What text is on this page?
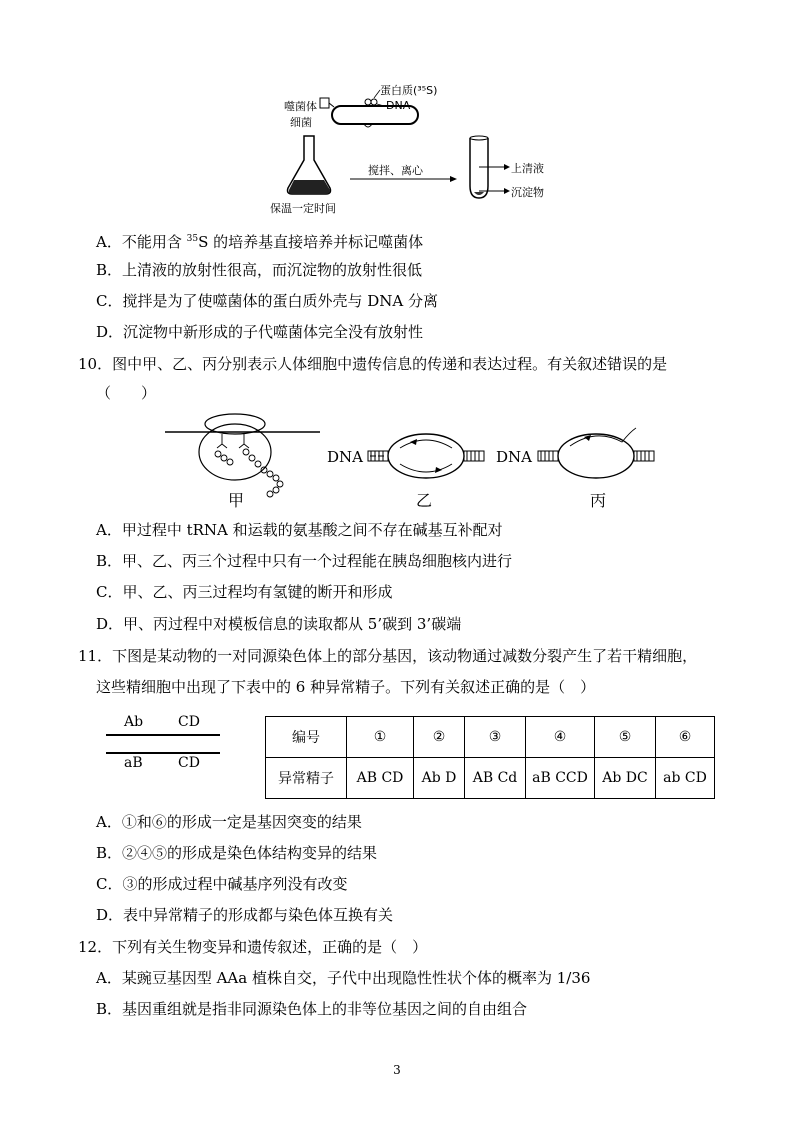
蛋白质(³⁵S)
DNA
噬菌体
细菌
保温一定时间
搅拌、离心	上清液
沉淀物
A．不能用含 $^{35}$S 的培养基直接培养并标记噬菌体
B．上清液的放射性很高，而沉淀物的放射性很低
C．搅拌是为了使噬菌体的蛋白质外壳与 DNA 分离
D．沉淀物中新形成的子代噬菌体完全没有放射性
10．图中甲、乙、丙分别表示人体细胞中遗传信息的传递和表达过程。有关叙述错误的是
（　　）
DNA	DNA
甲	乙	丙
A．甲过程中 tRNA 和运载的氨基酸之间不存在碱基互补配对
B．甲、乙、丙三个过程中只有一个过程能在胰岛细胞核内进行
C．甲、乙、丙三过程均有氢键的断开和形成
D．甲、丙过程中对模板信息的读取都从 5’碳到 3’碳端
11．下图是某动物的一对同源染色体上的部分基因，该动物通过减数分裂产生了若干精细胞，
这些精细胞中出现了下表中的 6 种异常精子。下列有关叙述正确的是（　）
Ab CD
aB	CD
编号	①	②	③	④	⑤	⑥
异常精子	AB CD	Ab D	AB Cd	aB CCD	Ab DC	ab CD
A．①和⑥的形成一定是基因突变的结果
B．②④⑤的形成是染色体结构变异的结果
C．③的形成过程中碱基序列没有改变
D．表中异常精子的形成都与染色体互换有关
12．下列有关生物变异和遗传叙述，正确的是（　）
A．某豌豆基因型 AAa 植株自交，子代中出现隐性性状个体的概率为 1/36
B．基因重组就是指非同源染色体上的非等位基因之间的自由组合
3
